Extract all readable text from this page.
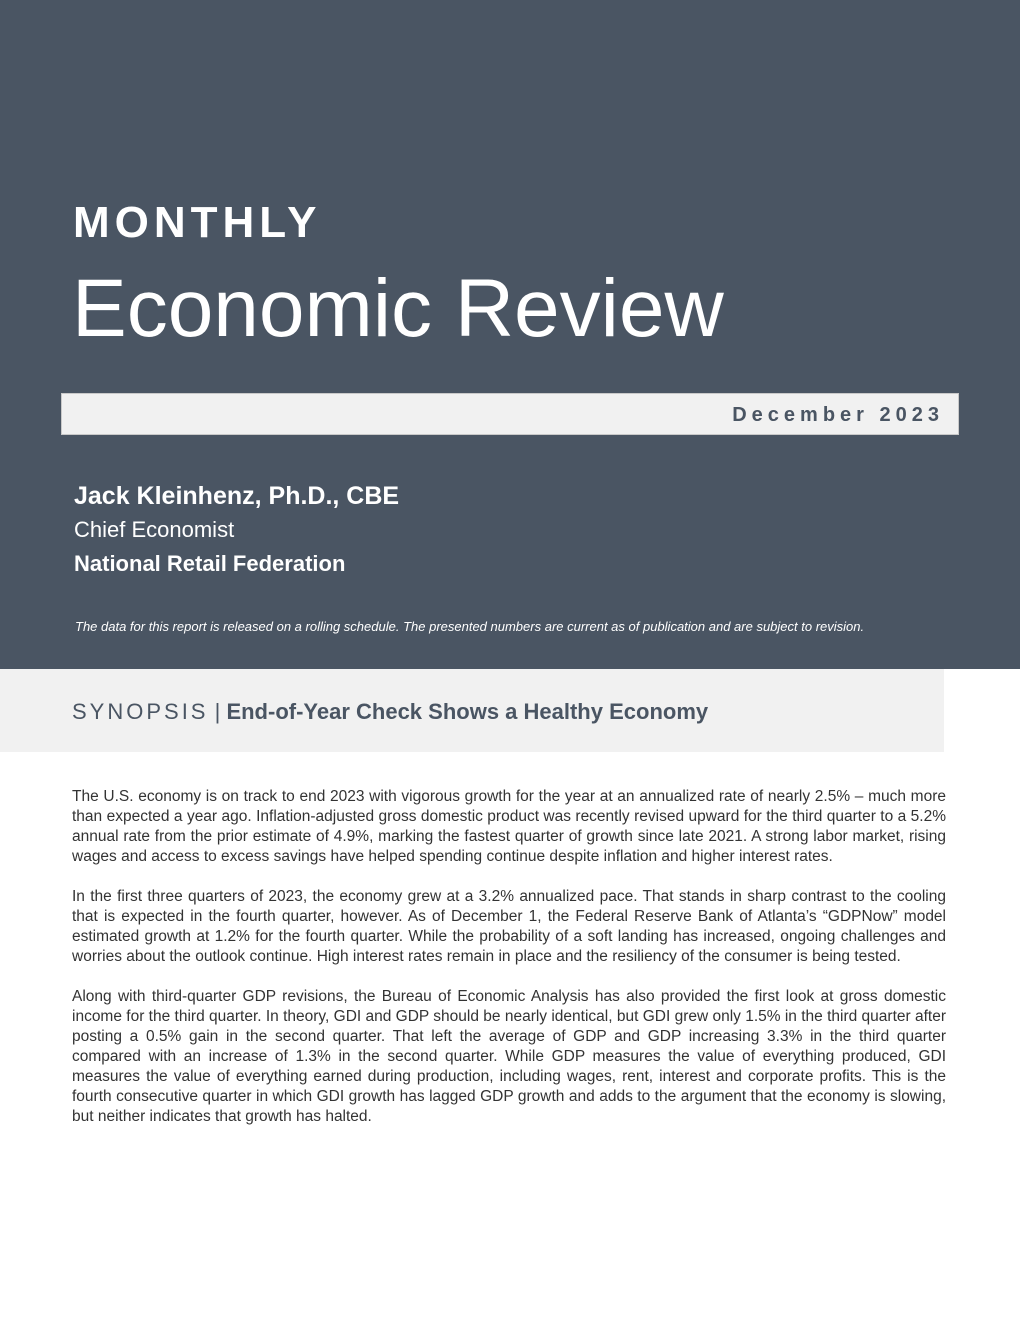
MONTHLY
Economic Review
December 2023
Jack Kleinhenz, Ph.D., CBE

Chief Economist

National Retail Federation

The data for this report is released on a rolling schedule. The presented numbers are current as of publication and are subject to revision.

SYNOPSIS | End-of-Year Check Shows a Healthy Economy

The U.S. economy is on track to end 2023 with vigorous growth for the year at an annualized rate of nearly 2.5% – much more than expected a year ago. Inflation-adjusted gross domestic product was recently revised upward for the third quarter to a 5.2% annual rate from the prior estimate of 4.9%, marking the fastest quarter of growth since late 2021. A strong labor market, rising wages and access to excess savings have helped spending continue despite inflation and higher interest rates.

In the first three quarters of 2023, the economy grew at a 3.2% annualized pace. That stands in sharp contrast to the cooling that is expected in the fourth quarter, however. As of December 1, the Federal Reserve Bank of Atlanta’s “GDPNow” model estimated growth at 1.2% for the fourth quarter. While the probability of a soft landing has increased, ongoing challenges and worries about the outlook continue. High interest rates remain in place and the resiliency of the consumer is being tested.

Along with third-quarter GDP revisions, the Bureau of Economic Analysis has also provided the first look at gross domestic income for the third quarter. In theory, GDI and GDP should be nearly identical, but GDI grew only 1.5% in the third quarter after posting a 0.5% gain in the second quarter. That left the average of GDP and GDP increasing 3.3% in the third quarter compared with an increase of 1.3% in the second quarter. While GDP measures the value of everything produced, GDI measures the value of everything earned during production, including wages, rent, interest and corporate profits. This is the fourth consecutive quarter in which GDI growth has lagged GDP growth and adds to the argument that the economy is slowing, but neither indicates that growth has halted.
